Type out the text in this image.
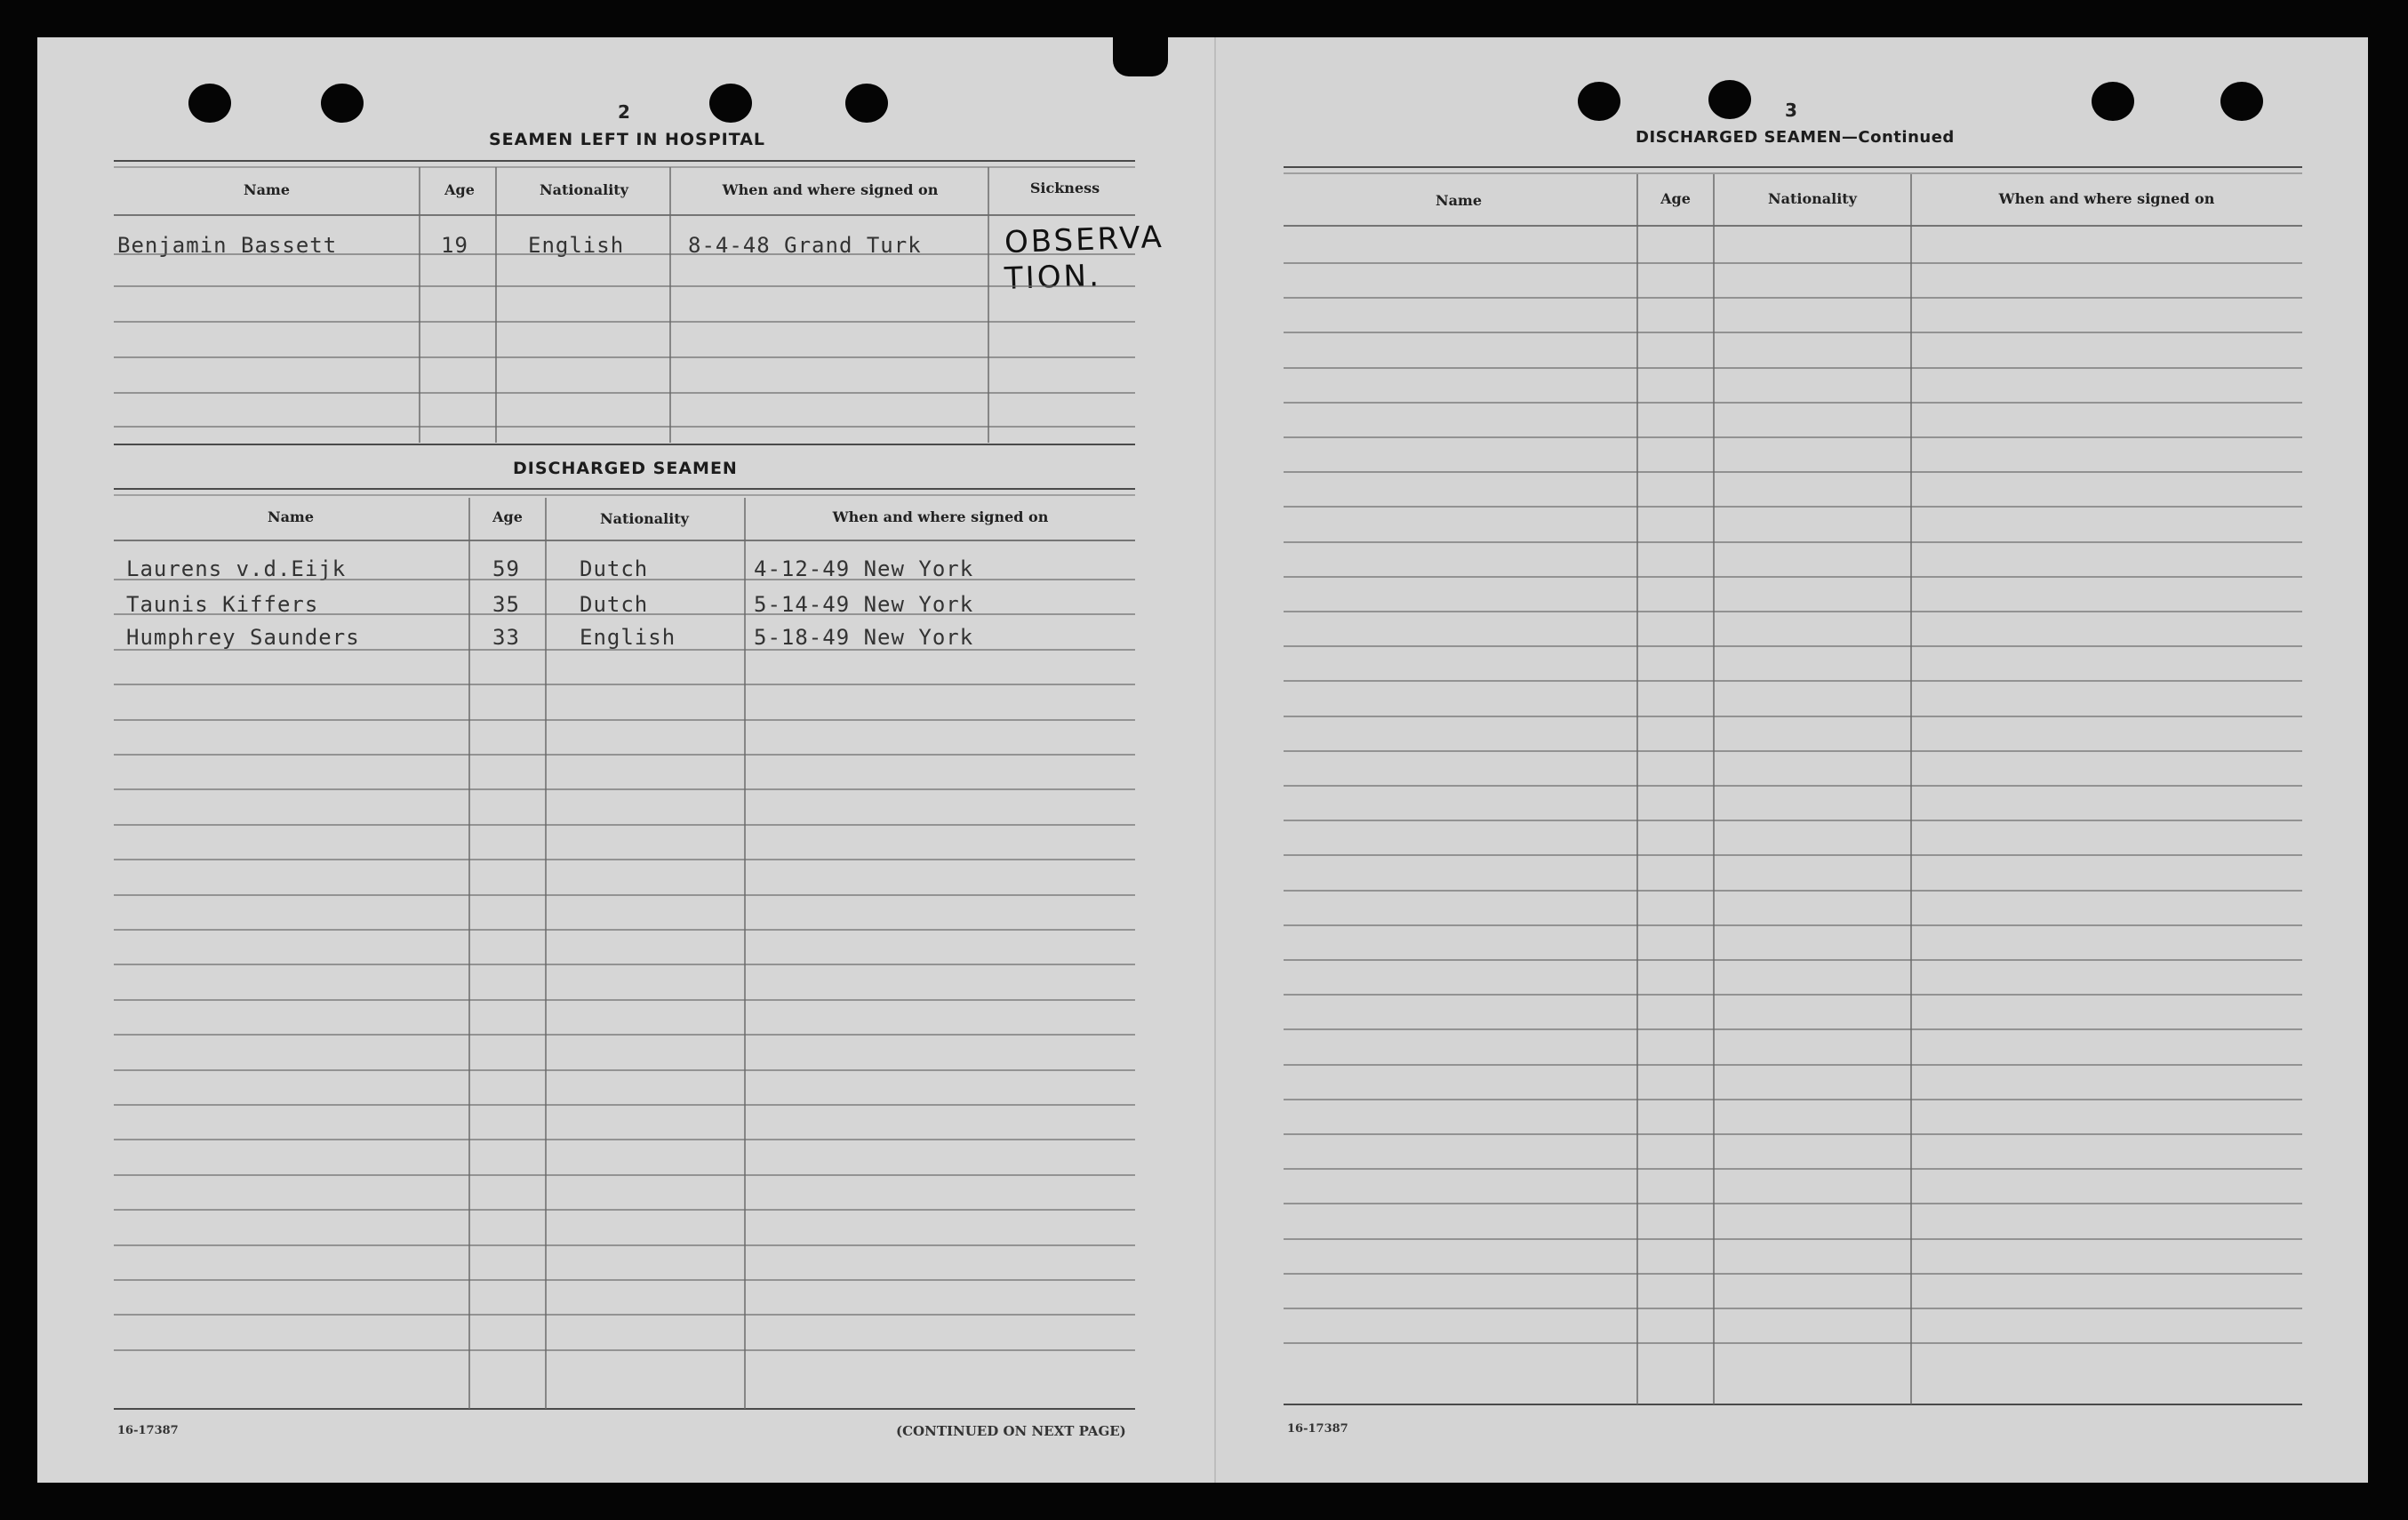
2
SEAMEN LEFT IN HOSPITAL
Name	Age	Nationality	When and where signed on	Sickness
Benjamin Bassett	19	English	8-4-48 Grand Turk	OBSERVA
TION.
DISCHARGED SEAMEN
Name	Age	Nationality	When and where signed on
Laurens v.d.Eijk	59	Dutch	4-12-49 New York
Taunis Kiffers	35	Dutch	5-14-49 New York
Humphrey Saunders	33	English	5-18-49 New York
16-17387	(CONTINUED ON NEXT PAGE)
3
DISCHARGED SEAMEN—Continued
Name	Age	Nationality	When and where signed on
16-17387
